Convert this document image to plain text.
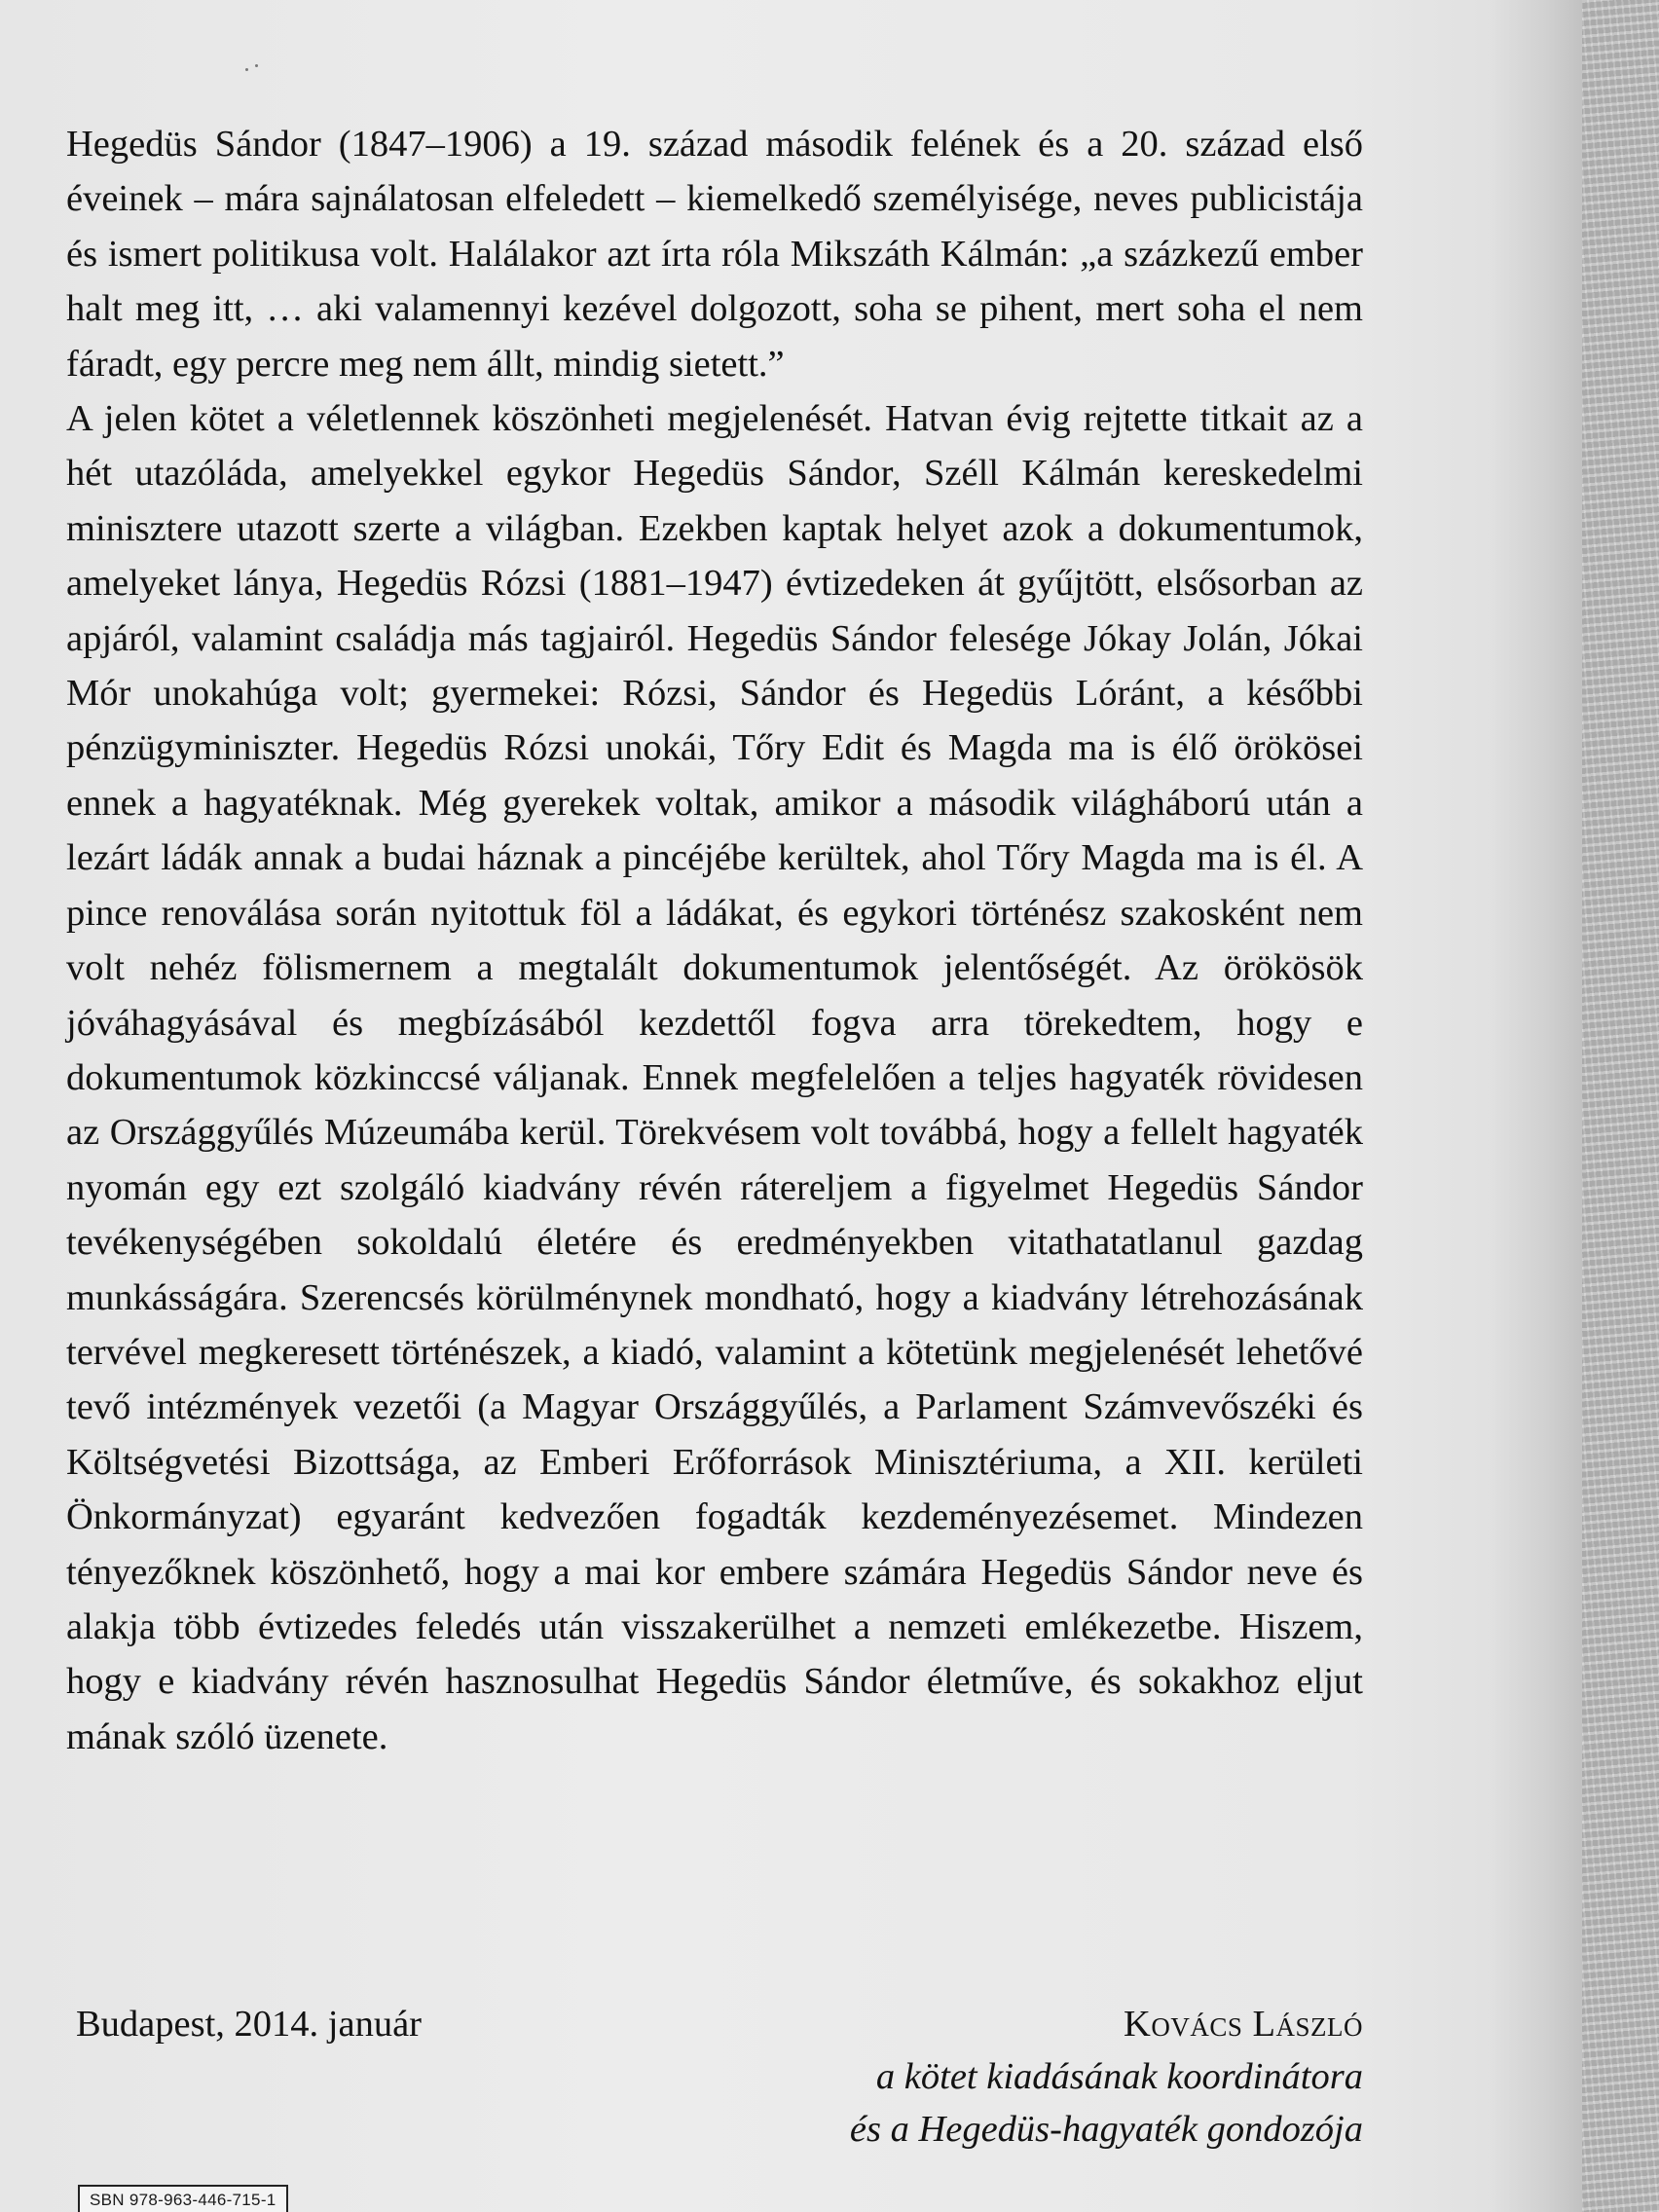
Hegedüs Sándor (1847–1906) a 19. század második felének és a 20. század első éveinek – mára sajnálatosan elfeledett – kiemelkedő személyisége, neves publicistája és ismert politikusa volt. Halálakor azt írta róla Mikszáth Kálmán: „a százkezű ember halt meg itt, … aki valamennyi kezével dolgozott, soha se pihent, mert soha el nem fáradt, egy percre meg nem állt, mindig sietett.”

A jelen kötet a véletlennek köszönheti megjelenését. Hatvan évig rejtette titkait az a hét utazóláda, amelyekkel egykor Hegedüs Sándor, Széll Kálmán kereskedelmi minisztere utazott szerte a világban. Ezekben kaptak helyet azok a dokumentumok, amelyeket lánya, Hegedüs Rózsi (1881–1947) évtizedeken át gyűjtött, elsősorban az apjáról, valamint családja más tagjairól. Hegedüs Sándor felesége Jókay Jolán, Jókai Mór unokahúga volt; gyermekei: Rózsi, Sándor és Hegedüs Lóránt, a későbbi pénzügyminiszter. Hegedüs Rózsi unokái, Tőry Edit és Magda ma is élő örökösei ennek a hagyatéknak. Még gyerekek voltak, amikor a második világháború után a lezárt ládák annak a budai háznak a pincéjébe kerültek, ahol Tőry Magda ma is él. A pince renoválása során nyitottuk föl a ládákat, és egykori történész szakosként nem volt nehéz fölismernem a megtalált dokumentumok jelentőségét. Az örökösök jóváhagyásával és megbízásából kezdettől fogva arra törekedtem, hogy e dokumentumok közkinccsé váljanak. Ennek megfelelően a teljes hagyaték rövidesen az Országgyűlés Múzeumába kerül. Törekvésem volt továbbá, hogy a fellelt hagyaték nyomán egy ezt szolgáló kiadvány révén rátereljem a figyelmet Hegedüs Sándor tevékenységében sokoldalú életére és eredményekben vitathatatlanul gazdag munkásságára. Szerencsés körülménynek mondható, hogy a kiadvány létrehozásának tervével megkeresett történészek, a kiadó, valamint a kötetünk megjelenését lehetővé tevő intézmények vezetői (a Magyar Országgyűlés, a Parlament Számvevőszéki és Költségvetési Bizottsága, az Emberi Erőforrások Minisztériuma, a XII. kerületi Önkormányzat) egyaránt kedvezően fogadták kezdeményezésemet. Mindezen tényezőknek köszönhető, hogy a mai kor embere számára Hegedüs Sándor neve és alakja több évtizedes feledés után visszakerülhet a nemzeti emlékezetbe. Hiszem, hogy e kiadvány révén hasznosulhat Hegedüs Sándor életműve, és sokakhoz eljut mának szóló üzenete.

Budapest, 2014. január	Kovács László
a kötet kiadásának koordinátora
és a Hegedüs-hagyaték gondozója
SBN 978-963-446-715-1
